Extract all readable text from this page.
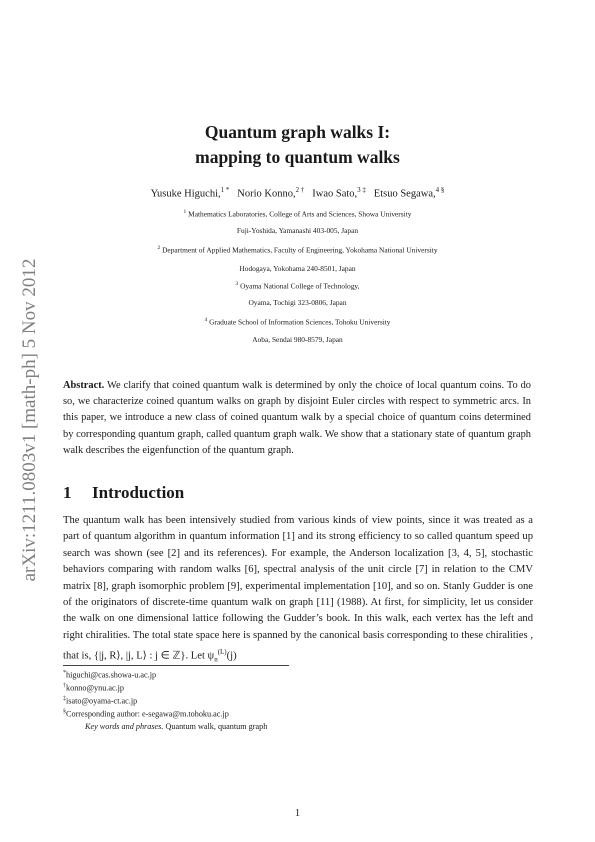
arXiv:1211.0803v1 [math-ph] 5 Nov 2012
Quantum graph walks I:
mapping to quantum walks
Yusuke Higuchi,$^{1 *}$ Norio Konno,$^{2 \dagger}$ Iwao Sato,$^{3 \ddagger}$ Etsuo Segawa,$^{4 \S}$
$^1$ Mathematics Laboratories, College of Arts and Sciences, Showa University
Fuji-Yoshida, Yamanashi 403-005, Japan
$^2$ Department of Applied Mathematics, Faculty of Engineering, Yokohama National University
Hodogaya, Yokohama 240-8501, Japan
$^3$ Oyama National College of Technology,
Oyama, Tochigi 323-0806, Japan
$^4$ Graduate School of Information Sciences, Tohoku University
Aoba, Sendai 980-8579, Japan
Abstract. We clarify that coined quantum walk is determined by only the choice of local quantum coins. To do so, we characterize coined quantum walks on graph by disjoint Euler circles with respect to symmetric arcs. In this paper, we introduce a new class of coined quantum walk by a special choice of quantum coins determined by corresponding quantum graph, called quantum graph walk. We show that a stationary state of quantum graph walk describes the eigenfunction of the quantum graph.
1 Introduction
The quantum walk has been intensively studied from various kinds of view points, since it was treated as a part of quantum algorithm in quantum information [1] and its strong efficiency to so called quantum speed up search was shown (see [2] and its references). For example, the Anderson localization [3, 4, 5], stochastic behaviors comparing with random walks [6], spectral analysis of the unit circle [7] in relation to the CMV matrix [8], graph isomorphic problem [9], experimental implementation [10], and so on. Stanly Gudder is one of the originators of discrete-time quantum walk on graph [11] (1988). At first, for simplicity, let us consider the walk on one dimensional lattice following the Gudder’s book. In this walk, each vertex has the left and right chiralities. The total state space here is spanned by the canonical basis corresponding to these chiralities , that is, {|j, R⟩, |j, L⟩ : j ∈ ℤ}. Let $\psi_n^{(L)}(j)$
*higuchi@cas.showa-u.ac.jp
†konno@ynu.ac.jp
‡isato@oyama-ct.ac.jp
§Corresponding author: e-segawa@m.tohoku.ac.jp
Key words and phrases. Quantum walk, quantum graph
1
